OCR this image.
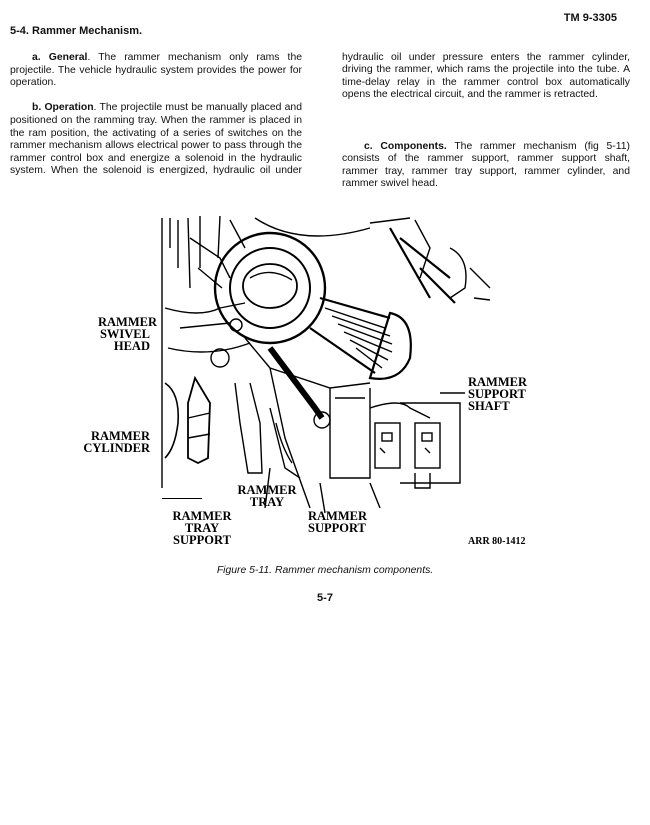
TM 9-3305
5-4. Rammer Mechanism.

a. General. The rammer mechanism only rams the projectile. The vehicle hydraulic system provides the power for operation.

b. Operation. The projectile must be manually placed and positioned on the ramming tray. When the rammer is placed in the ram position, the activating of a series of switches on the rammer mechanism allows electrical power to pass through the rammer control box and energize a solenoid in the hydraulic system. When the solenoid is energized, hydraulic oil under

hydraulic oil under pressure enters the rammer cylinder, driving the rammer, which rams the projectile into the tube. A time-delay relay in the rammer control box automatically opens the electrical circuit, and the rammer is retracted.

c. Components. The rammer mechanism (fig 5-11) consists of the rammer support, rammer support shaft, rammer tray, rammer tray support, rammer cylinder, and rammer swivel head.

RAMMER
SWIVEL
HEAD
RAMMER
CYLINDER
RAMMER
TRAY
RAMMER
TRAY
SUPPORT
RAMMER
SUPPORT
RAMMER
SUPPORT
SHAFT
ARR 80-1412
Figure 5-11. Rammer mechanism components.
5-7
